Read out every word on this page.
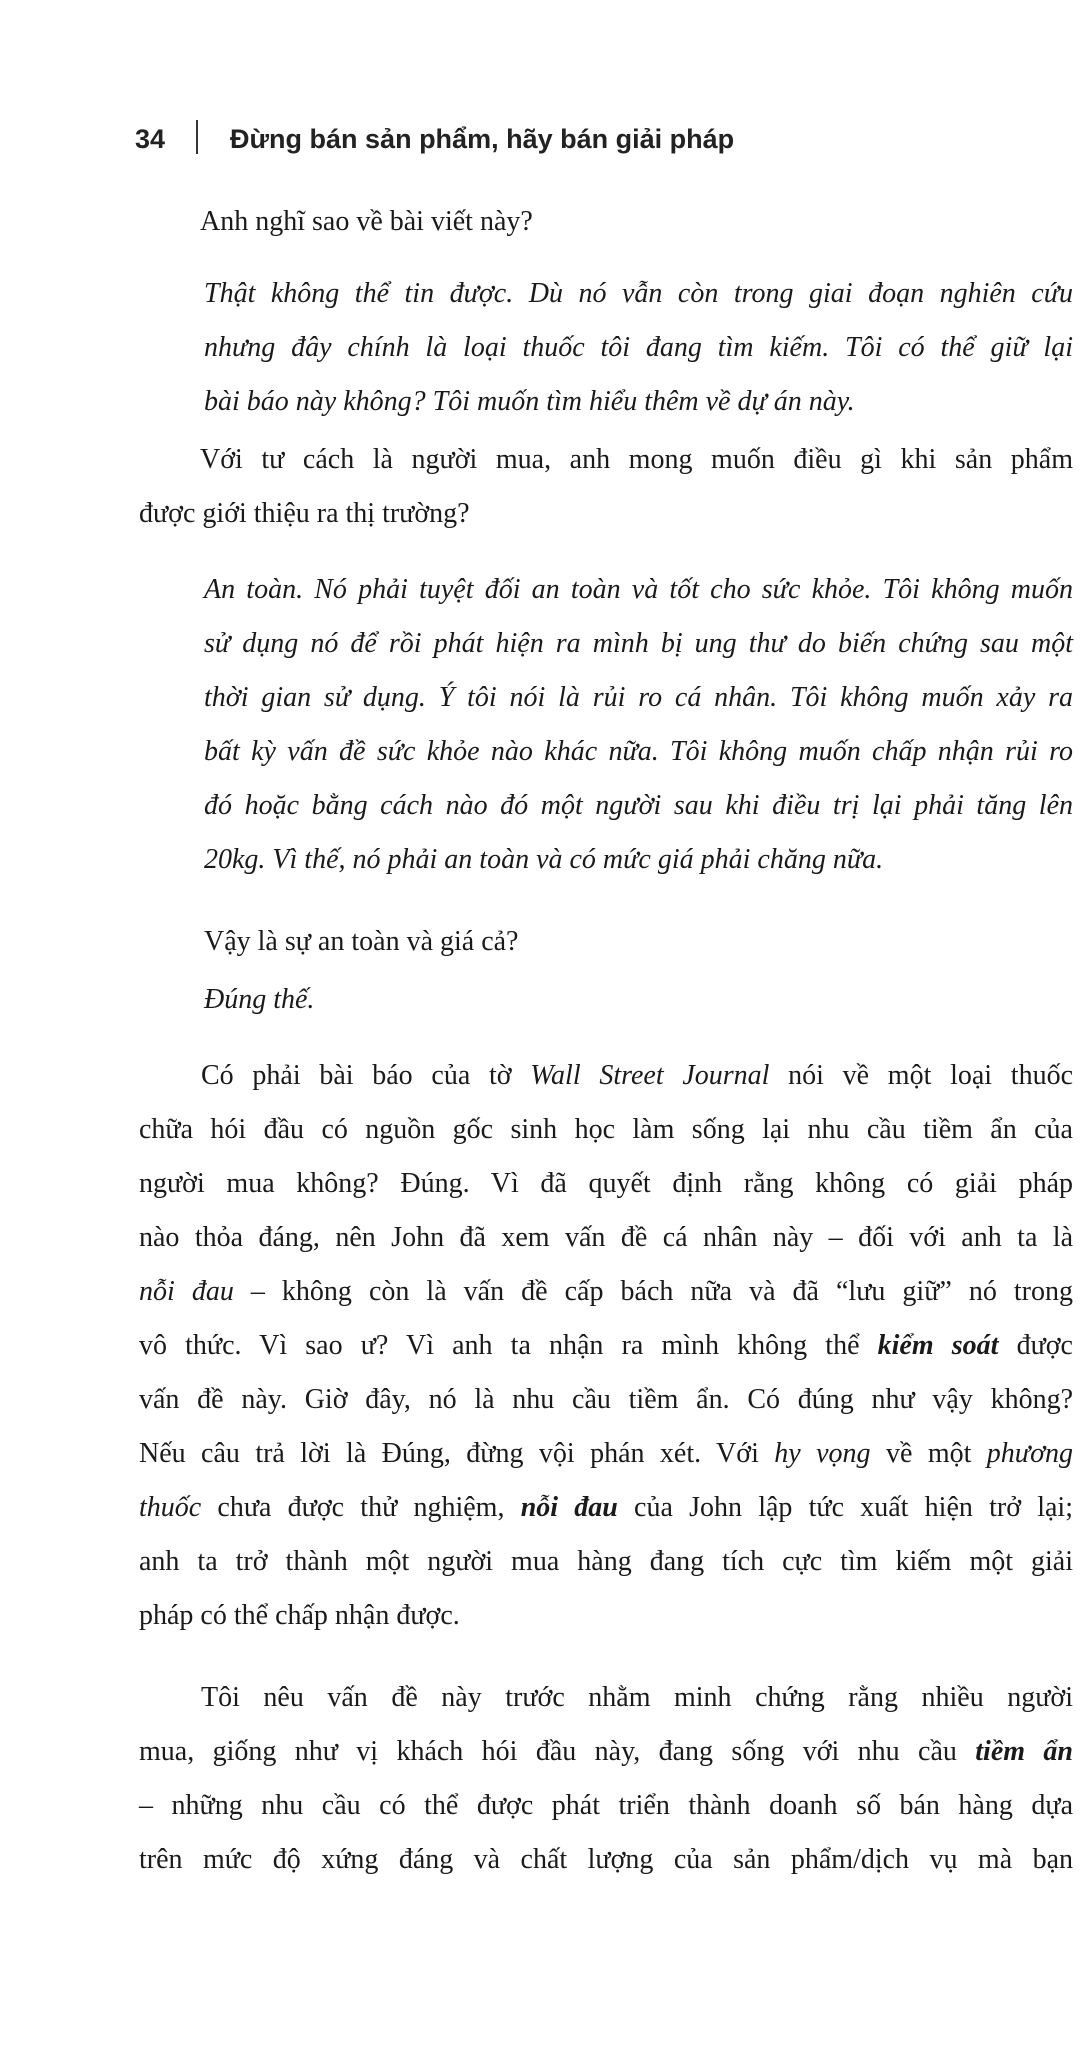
34 Đừng bán sản phẩm, hãy bán giải pháp
Anh nghĩ sao về bài viết này?
Thật không thể tin được. Dù nó vẫn còn trong giai đoạn nghiên cứu
nhưng đây chính là loại thuốc tôi đang tìm kiếm. Tôi có thể giữ lại
bài báo này không? Tôi muốn tìm hiểu thêm về dự án này.
Với tư cách là người mua, anh mong muốn điều gì khi sản phẩm
được giới thiệu ra thị trường?
An toàn. Nó phải tuyệt đối an toàn và tốt cho sức khỏe. Tôi không muốn
sử dụng nó để rồi phát hiện ra mình bị ung thư do biến chứng sau một
thời gian sử dụng. Ý tôi nói là rủi ro cá nhân. Tôi không muốn xảy ra
bất kỳ vấn đề sức khỏe nào khác nữa. Tôi không muốn chấp nhận rủi ro
đó hoặc bằng cách nào đó một người sau khi điều trị lại phải tăng lên
20kg. Vì thế, nó phải an toàn và có mức giá phải chăng nữa.
Vậy là sự an toàn và giá cả?
Đúng thế.
Có phải bài báo của tờ Wall Street Journal nói về một loại thuốc
chữa hói đầu có nguồn gốc sinh học làm sống lại nhu cầu tiềm ẩn của
người mua không? Đúng. Vì đã quyết định rằng không có giải pháp
nào thỏa đáng, nên John đã xem vấn đề cá nhân này – đối với anh ta là
nỗi đau – không còn là vấn đề cấp bách nữa và đã “lưu giữ” nó trong
vô thức. Vì sao ư? Vì anh ta nhận ra mình không thể kiểm soát được
vấn đề này. Giờ đây, nó là nhu cầu tiềm ẩn. Có đúng như vậy không?
Nếu câu trả lời là Đúng, đừng vội phán xét. Với hy vọng về một phương
thuốc chưa được thử nghiệm, nỗi đau của John lập tức xuất hiện trở lại;
anh ta trở thành một người mua hàng đang tích cực tìm kiếm một giải
pháp có thể chấp nhận được.
Tôi nêu vấn đề này trước nhằm minh chứng rằng nhiều người
mua, giống như vị khách hói đầu này, đang sống với nhu cầu tiềm ẩn
– những nhu cầu có thể được phát triển thành doanh số bán hàng dựa
trên mức độ xứng đáng và chất lượng của sản phẩm/dịch vụ mà bạn
